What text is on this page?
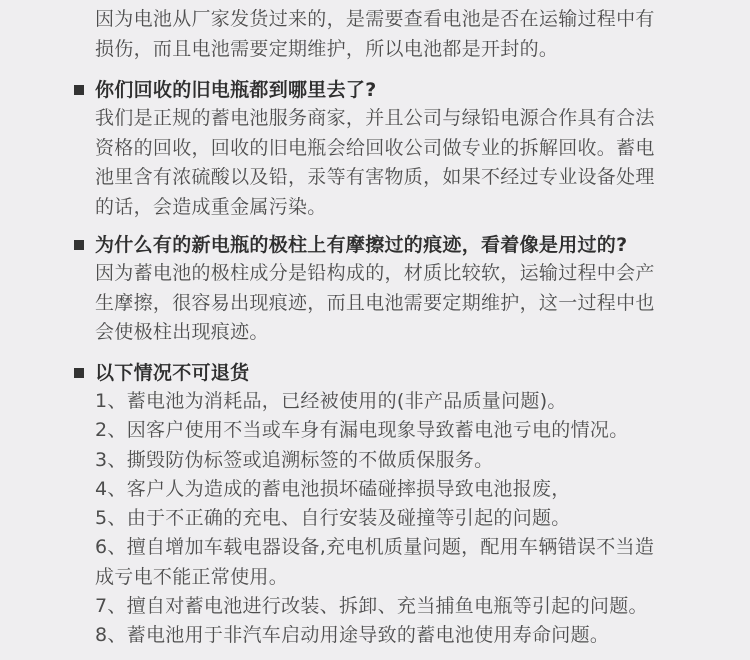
因为电池从厂家发货过来的，是需要查看电池是否在运输过程中有
损伤，而且电池需要定期维护，所以电池都是开封的。
你们回收的旧电瓶都到哪里去了?
我们是正规的蓄电池服务商家，并且公司与绿铅电源合作具有合法
资格的回收，回收的旧电瓶会给回收公司做专业的拆解回收。蓄电
池里含有浓硫酸以及铅，汞等有害物质，如果不经过专业设备处理
的话，会造成重金属污染。
为什么有的新电瓶的极柱上有摩擦过的痕迹，看着像是用过的?
因为蓄电池的极柱成分是铅构成的，材质比较软，运输过程中会产
生摩擦，很容易出现痕迹，而且电池需要定期维护，这一过程中也
会使极柱出现痕迹。
以下情况不可退货
1、蓄电池为消耗品，已经被使用的(非产品质量问题)。
2、因客户使用不当或车身有漏电现象导致蓄电池亏电的情况。
3、撕毁防伪标签或追溯标签的不做质保服务。
4、客户人为造成的蓄电池损坏磕碰摔损导致电池报废，
5、由于不正确的充电、自行安装及碰撞等引起的问题。
6、擅自增加车载电器设备,充电机质量问题，配用车辆错误不当造
成亏电不能正常使用。
7、擅自对蓄电池进行改装、拆卸、充当捕鱼电瓶等引起的问题。
8、蓄电池用于非汽车启动用途导致的蓄电池使用寿命问题。
